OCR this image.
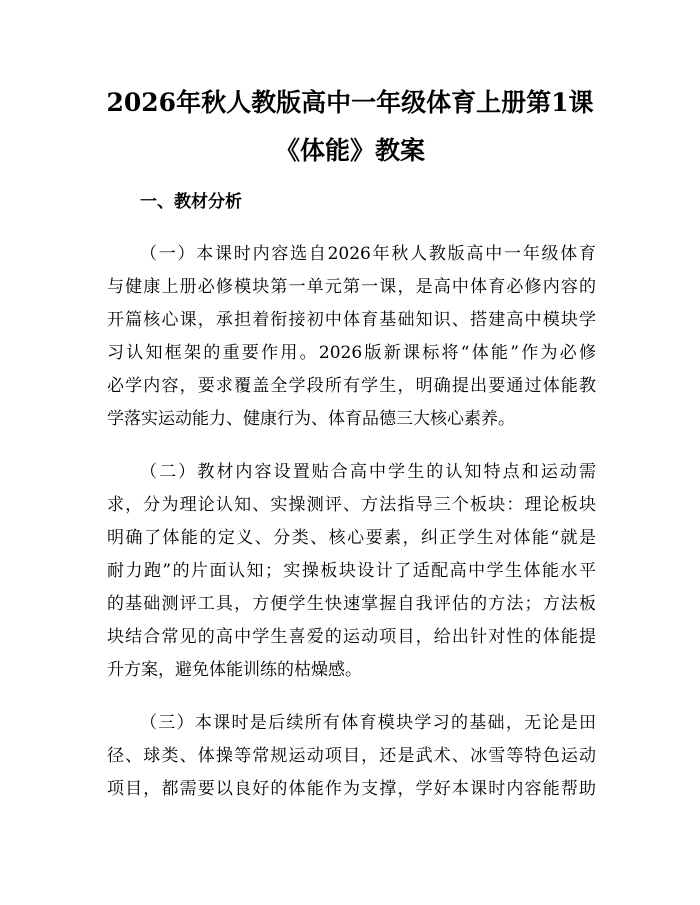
2026年秋人教版高中一年级体育上册第1课
《体能》教案
一、教材分析

（一）本课时内容选自2026年秋人教版高中一年级体育

与健康上册必修模块第一单元第一课，是高中体育必修内容的

开篇核心课，承担着衔接初中体育基础知识、搭建高中模块学

习认知框架的重要作用。2026版新课标将“体能”作为必修

必学内容，要求覆盖全学段所有学生，明确提出要通过体能教

学落实运动能力、健康行为、体育品德三大核心素养。

（二）教材内容设置贴合高中学生的认知特点和运动需

求，分为理论认知、实操测评、方法指导三个板块：理论板块

明确了体能的定义、分类、核心要素，纠正学生对体能“就是

耐力跑”的片面认知；实操板块设计了适配高中学生体能水平

的基础测评工具，方便学生快速掌握自我评估的方法；方法板

块结合常见的高中学生喜爱的运动项目，给出针对性的体能提

升方案，避免体能训练的枯燥感。

（三）本课时是后续所有体育模块学习的基础，无论是田

径、球类、体操等常规运动项目，还是武术、冰雪等特色运动

项目，都需要以良好的体能作为支撑，学好本课时内容能帮助
